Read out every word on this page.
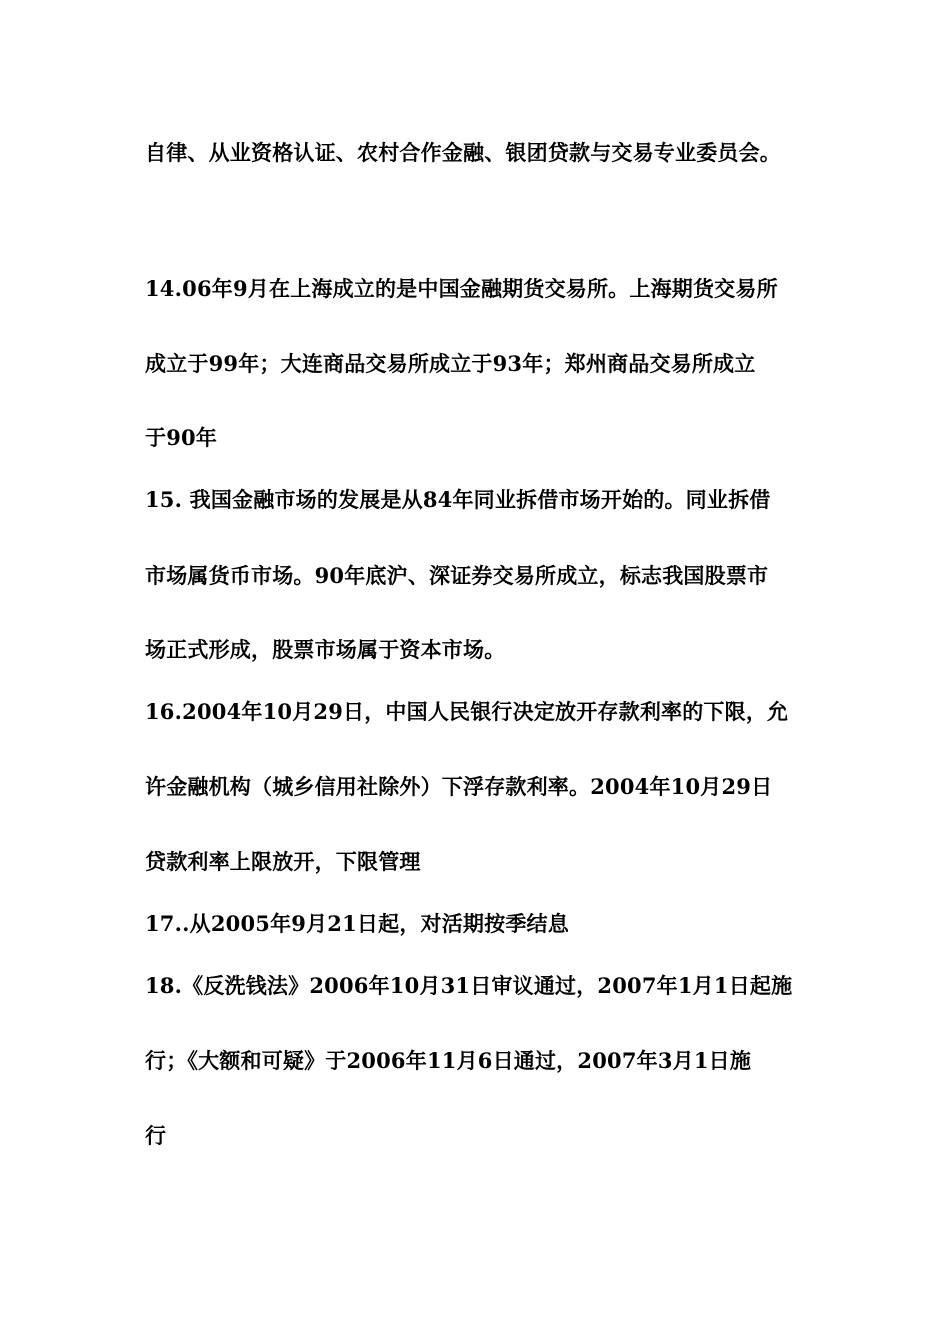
自律、从业资格认证、农村合作金融、银团贷款与交易专业委员会。
14.06年9月在上海成立的是中国金融期货交易所。上海期货交易所
成立于99年；大连商品交易所成立于93年；郑州商品交易所成立
于90年
15. 我国金融市场的发展是从84年同业拆借市场开始的。同业拆借
市场属货币市场。90年底沪、深证券交易所成立，标志我国股票市
场正式形成，股票市场属于资本市场。
16.2004年10月29日，中国人民银行决定放开存款利率的下限，允
许金融机构（城乡信用社除外）下浮存款利率。2004年10月29日
贷款利率上限放开，下限管理
17..从2005年9月21日起，对活期按季结息
18.《反洗钱法》2006年10月31日审议通过，2007年1月1日起施
行；《大额和可疑》于2006年11月6日通过，2007年3月1日施
行
